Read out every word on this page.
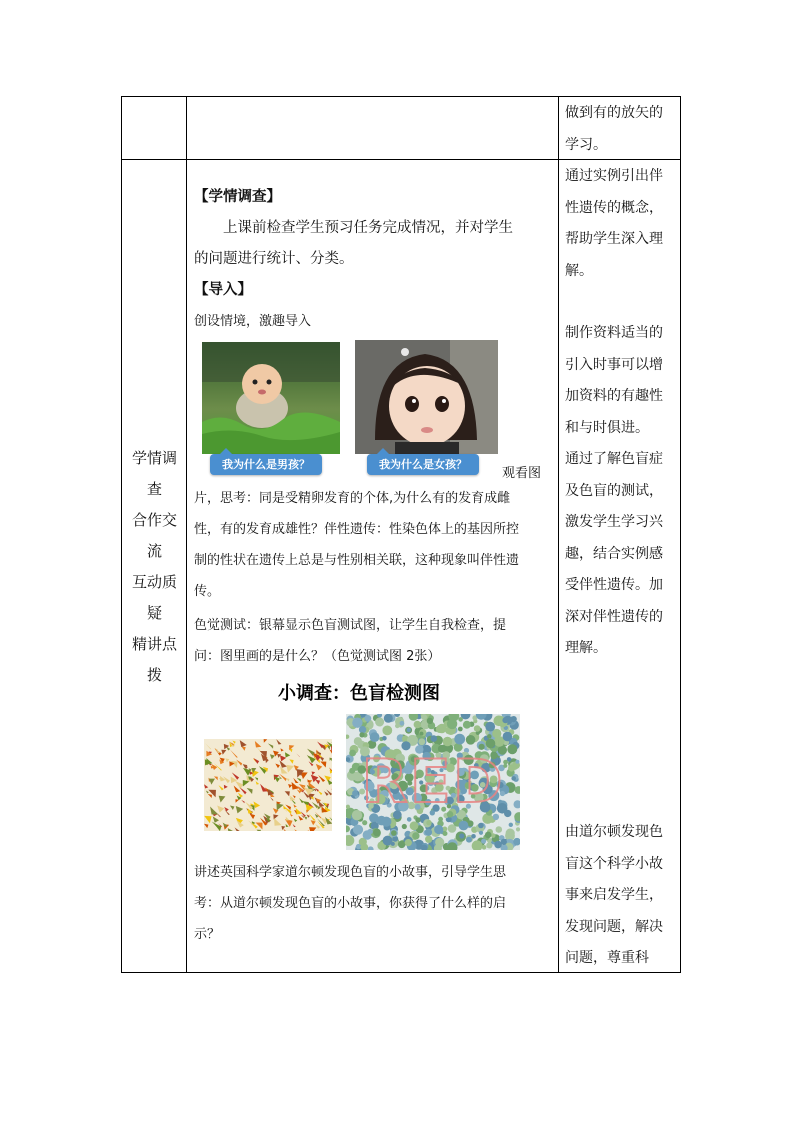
做到有的放矢的

学习。

学情调
查
合作交
流
互动质
疑
精讲点
拨

【学情调查】

上课前检查学生预习任务完成情况，并对学生

的问题进行统计、分类。

【导入】

创设情境，激趣导入

我为什么是男孩？	我为什么是女孩？

观看图

片，思考：同是受精卵发育的个体,为什么有的发育成雌

性，有的发育成雄性？伴性遗传：性染色体上的基因所控

制的性状在遗传上总是与性别相关联，这种现象叫伴性遗

传。

色觉测试：银幕显示色盲测试图，让学生自我检查，提

问：图里画的是什么？（色觉测试图 2张）

小调查：色盲检测图
RED

讲述英国科学家道尔顿发现色盲的小故事，引导学生思

考：从道尔顿发现色盲的小故事，你获得了什么样的启

示？

通过实例引出伴

性遗传的概念，

帮助学生深入理

解。

制作资料适当的

引入时事可以增

加资料的有趣性

和与时俱进。

通过了解色盲症

及色盲的测试，

激发学生学习兴

趣，结合实例感

受伴性遗传。加

深对伴性遗传的

理解。

由道尔顿发现色

盲这个科学小故

事来启发学生，

发现问题，解决

问题，尊重科
